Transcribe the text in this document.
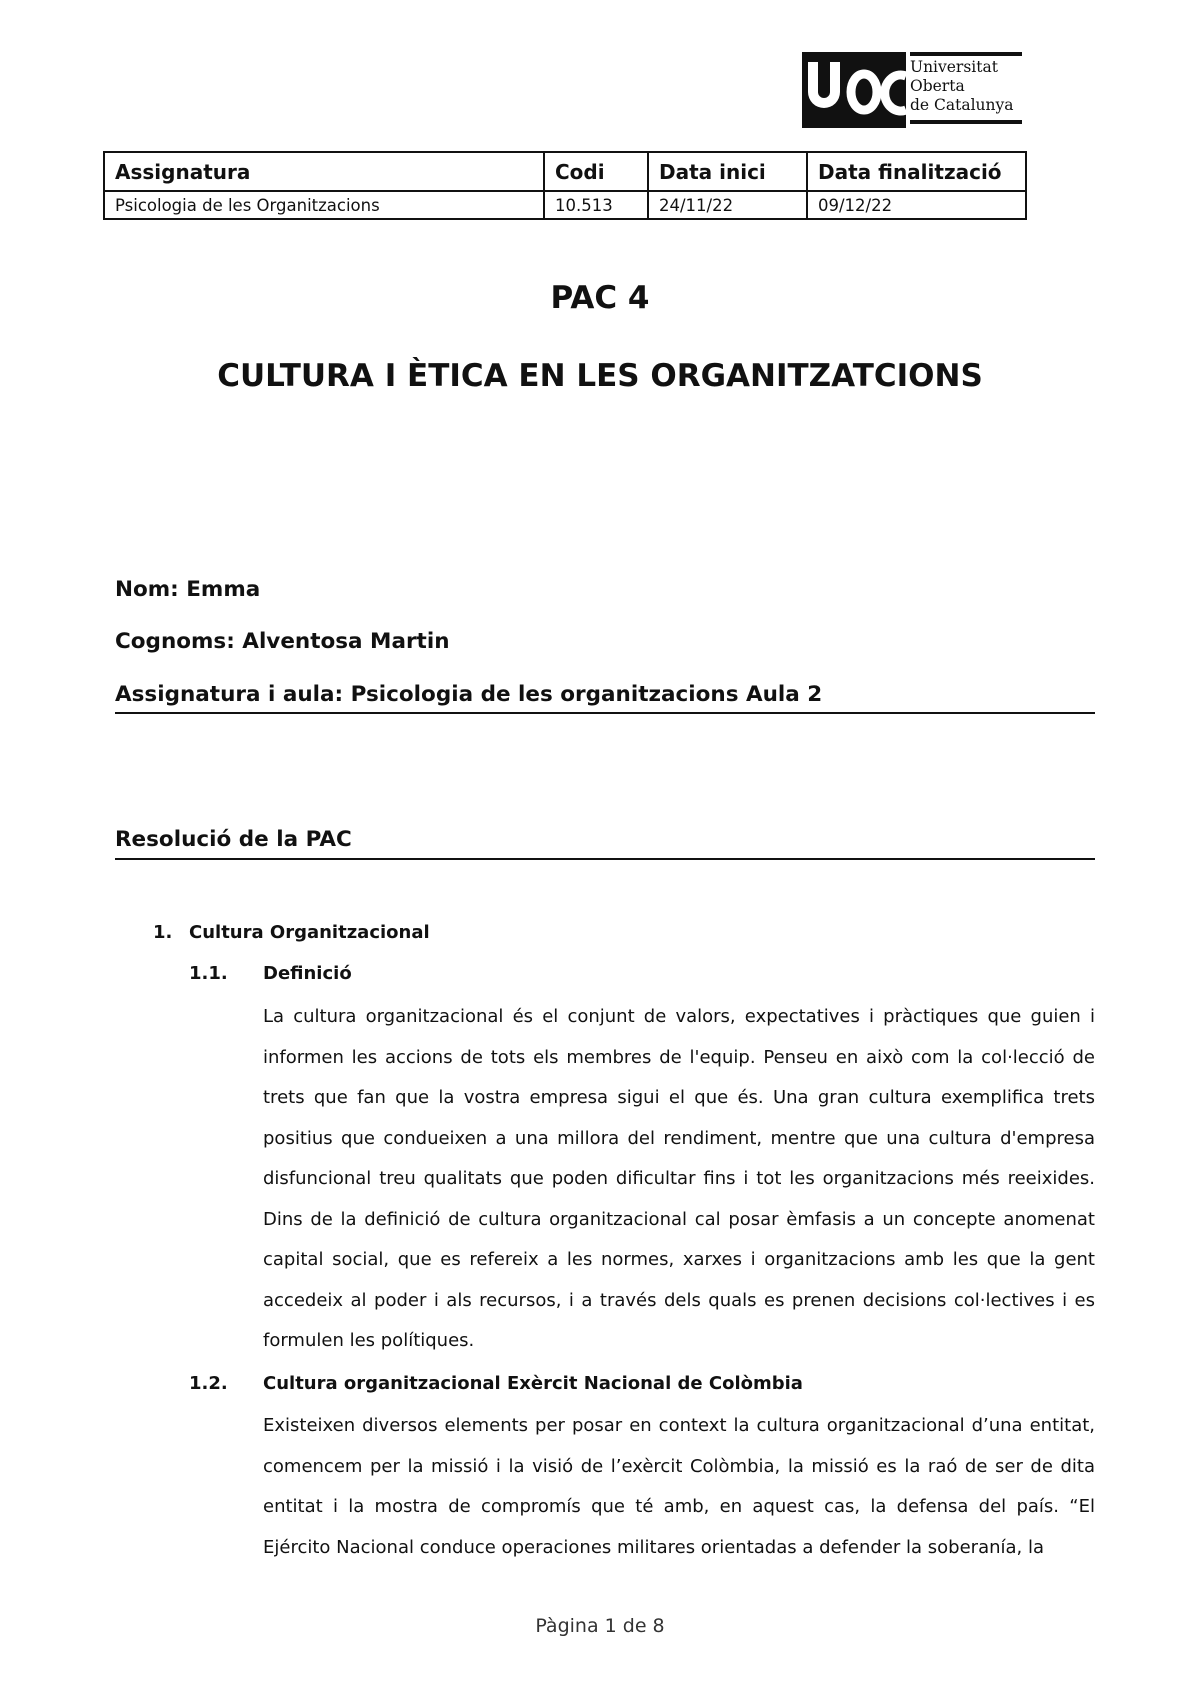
Universitat
Oberta
de Catalunya
Assignatura	Codi	Data inici	Data finalització
Psicologia de les Organitzacions	10.513	24/11/22	09/12/22
PAC 4
CULTURA I ÈTICA EN LES ORGANITZATCIONS
Nom: Emma
Cognoms: Alventosa Martin
Assignatura i aula: Psicologia de les organitzacions Aula 2
Resolució de la PAC
1. Cultura Organitzacional
1.1. Definició
La cultura organitzacional és el conjunt de valors, expectatives i pràctiques que guien i informen les accions de tots els membres de l'equip. Penseu en això com la col·lecció de trets que fan que la vostra empresa sigui el que és. Una gran cultura exemplifica trets positius que condueixen a una millora del rendiment, mentre que una cultura d'empresa disfuncional treu qualitats que poden dificultar fins i tot les organitzacions més reeixides. Dins de la definició de cultura organitzacional cal posar èmfasis a un concepte anomenat capital social, que es refereix a les normes, xarxes i organitzacions amb les que la gent accedeix al poder i als recursos, i a través dels quals es prenen decisions col·lectives i es formulen les polítiques.
1.2. Cultura organitzacional Exèrcit Nacional de Colòmbia
Existeixen diversos elements per posar en context la cultura organitzacional d’una entitat, comencem per la missió i la visió de l’exèrcit Colòmbia, la missió es la raó de ser de dita entitat i la mostra de compromís que té amb, en aquest cas, la defensa del país. “El Ejército Nacional conduce operaciones militares orientadas a defender la soberanía, la
Pàgina 1 de 8
